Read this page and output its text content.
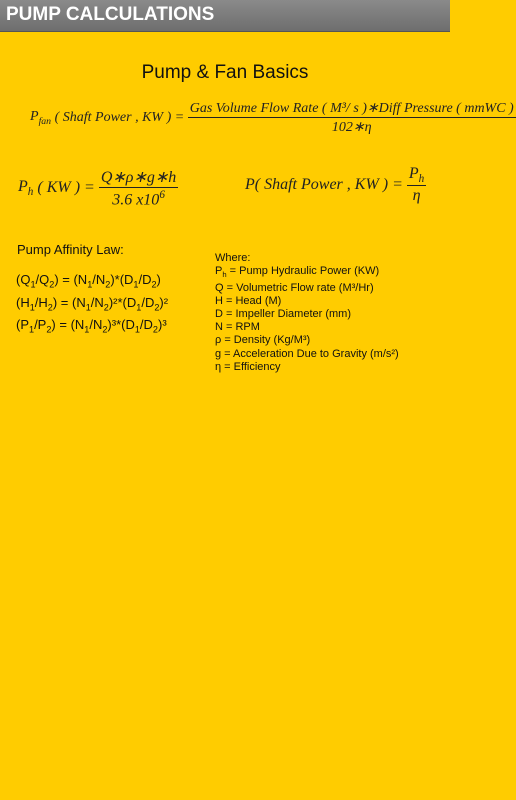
PUMP CALCULATIONS
Pump & Fan Basics
$P_{fan}$ ( Shaft Power , KW ) = $\frac{\text{Gas Volume Flow Rate ( M³/ s )∗Diff Pressure ( mmWC )}}{102∗\eta}$
$P_h$ ( KW ) = $\frac{Q∗\rho∗g∗h}{3.6 x10^6}$	P( Shaft Power , KW ) = $\frac{P_h}{\eta}$
Pump Affinity Law:
$(Q_1/Q_2) = (N_1/N_2)*(D_1/D_2)$
$(H_1/H_2) = (N_1/N_2)^2*(D_1/D_2)^2$
$(P_1/P_2) = (N_1/N_2)^3*(D_1/D_2)^3$
Where:
$P_h$ = Pump Hydraulic Power (KW)
Q = Volumetric Flow rate (M³/Hr)
H = Head (M)
D = Impeller Diameter (mm)
N = RPM
ρ = Density (Kg/M³)
g = Acceleration Due to Gravity (m/s²)
η = Efficiency
